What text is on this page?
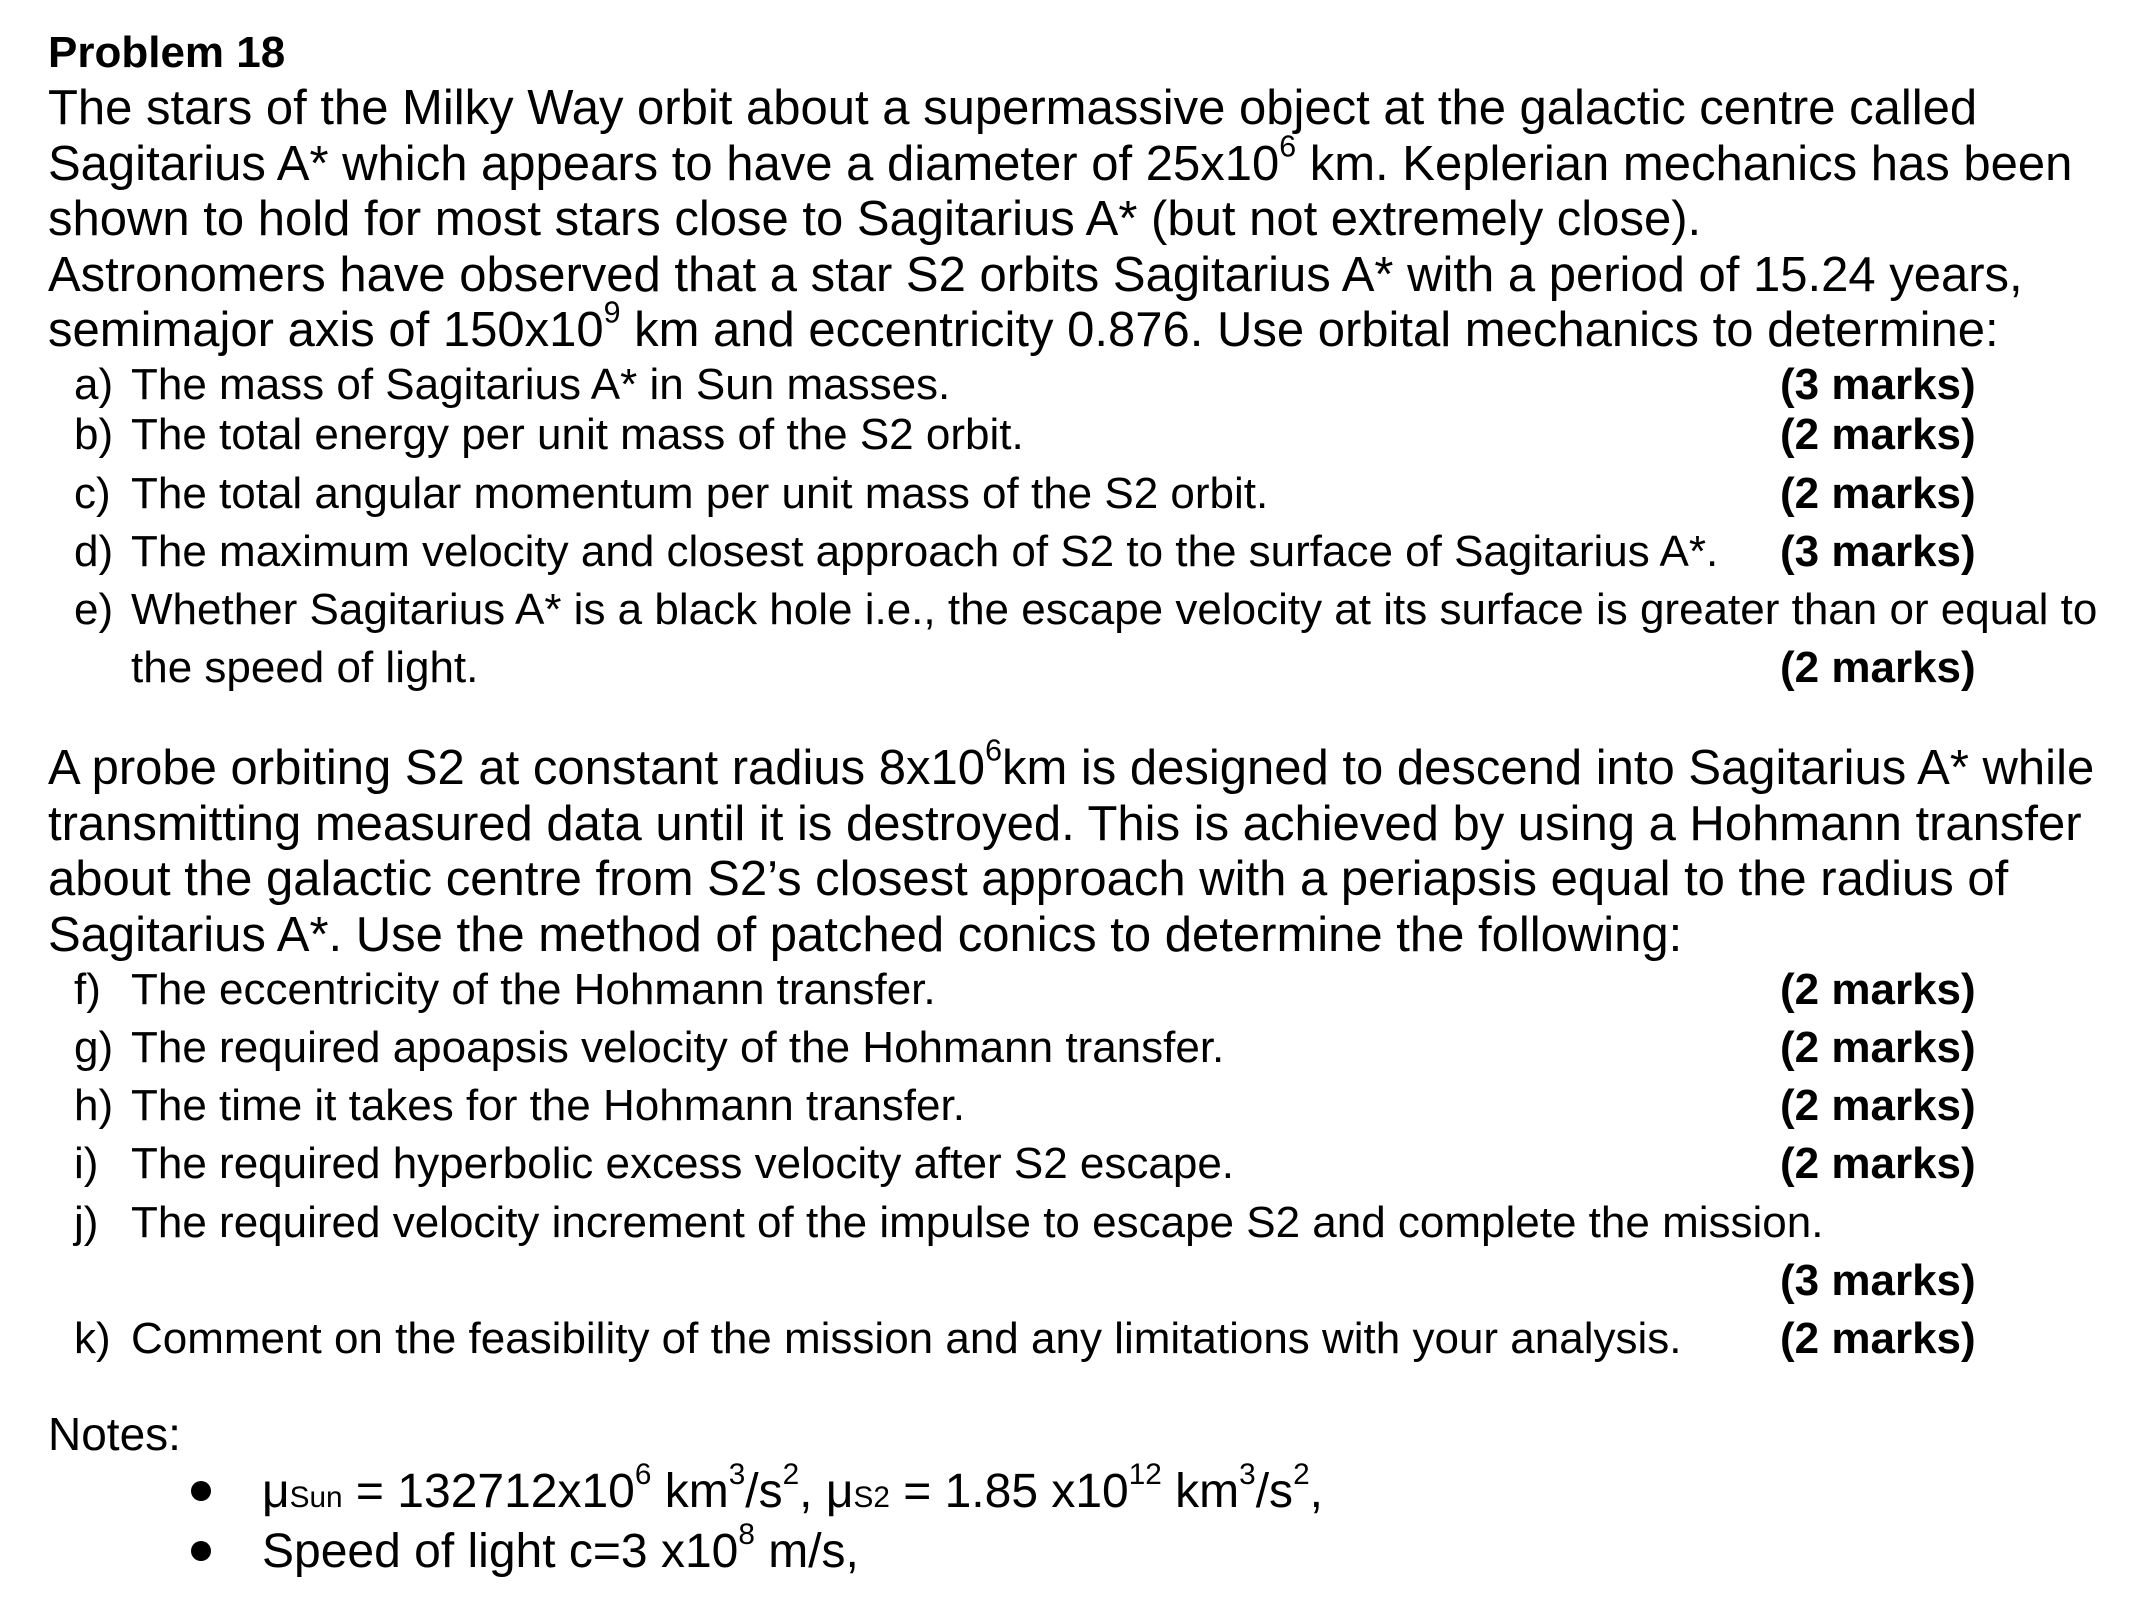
Problem 18
The stars of the Milky Way orbit about a supermassive object at the galactic centre called
Sagitarius A* which appears to have a diameter of $25x10^6$ km. Keplerian mechanics has been
shown to hold for most stars close to Sagitarius A* (but not extremely close).
Astronomers have observed that a star S2 orbits Sagitarius A* with a period of 15.24 years,
semimajor axis of $150x10^9$ km and eccentricity 0.876. Use orbital mechanics to determine:
a) The mass of Sagitarius A* in Sun masses.	(3 marks)
b) The total energy per unit mass of the S2 orbit.	(2 marks)
c) The total angular momentum per unit mass of the S2 orbit.	(2 marks)
d) The maximum velocity and closest approach of S2 to the surface of Sagitarius A*. (3 marks)
e) Whether Sagitarius A* is a black hole i.e., the escape velocity at its surface is greater than or equal to
the speed of light.	(2 marks)
A probe orbiting S2 at constant radius $8x10^6km$ is designed to descend into Sagitarius A* while
transmitting measured data until it is destroyed. This is achieved by using a Hohmann transfer
about the galactic centre from S2’s closest approach with a periapsis equal to the radius of
Sagitarius A*. Use the method of patched conics to determine the following:
f) The eccentricity of the Hohmann transfer.	(2 marks)
g) The required apoapsis velocity of the Hohmann transfer.	(2 marks)
h) The time it takes for the Hohmann transfer.	(2 marks)
i) The required hyperbolic excess velocity after S2 escape.	(2 marks)
j) The required velocity increment of the impulse to escape S2 and complete the mission.
(3 marks)
k) Comment on the feasibility of the mission and any limitations with your analysis. (2 marks)
Notes:
$\mu Sun = 132712x10^6$ $km^3/s^2$, μS2 = 1.85 $x10^{12}$ $km^3/s^2$,
Speed of light c=3 $x10^8$ m/s,
